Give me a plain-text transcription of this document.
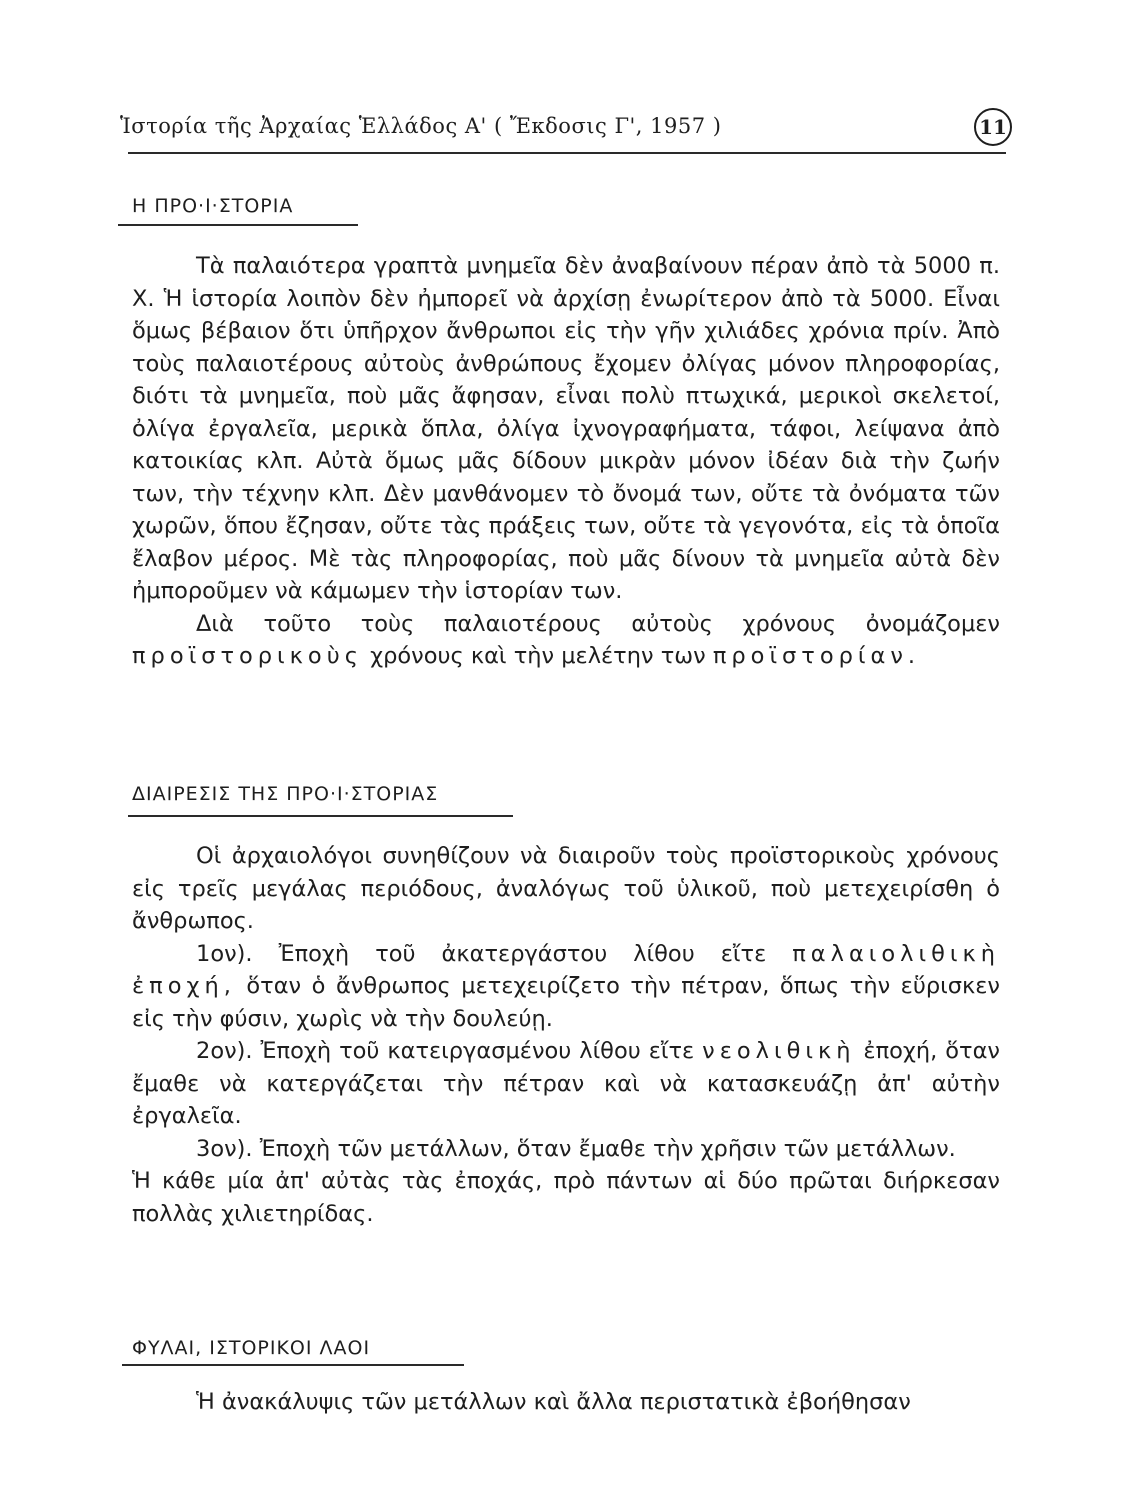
Ἱστορία τῆς Ἀρχαίας Ἑλλάδος Α' ( Ἔκδοσις Γ', 1957 )	11
Η ΠΡΟ·Ι·ΣΤΟΡΙΑ

Τὰ παλαιότερα γραπτὰ μνημεῖα δὲν ἀναβαίνουν πέραν ἀπὸ τὰ 5000 π. Χ. Ἡ ἱστορία λοιπὸν δὲν ἠμπορεῖ νὰ ἀρχίσῃ ἐνωρίτερον ἀπὸ τὰ 5000. Εἶναι ὅμως βέβαιον ὅτι ὑπῆρχον ἄνθρωποι εἰς τὴν γῆν χιλιάδες χρόνια πρίν. Ἀπὸ τοὺς παλαιοτέρους αὐτοὺς ἀνθρώπους ἔχομεν ὀλίγας μόνον πληροφορίας, διότι τὰ μνημεῖα, ποὺ μᾶς ἄφησαν, εἶναι πολὺ πτωχικά, μερικοὶ σκελετοί, ὀλίγα ἐργαλεῖα, μερικὰ ὅπλα, ὀλίγα ἰχνογραφήματα, τάφοι, λείψανα ἀπὸ κατοικίας κλπ. Αὐτὰ ὅμως μᾶς δίδουν μικρὰν μόνον ἰδέαν διὰ τὴν ζωήν των, τὴν τέχνην κλπ. Δὲν μανθάνομεν τὸ ὄνομά των, οὔτε τὰ ὀνόματα τῶν χωρῶν, ὅπου ἔζησαν, οὔτε τὰς πράξεις των, οὔτε τὰ γεγονότα, εἰς τὰ ὁποῖα ἔλαβον μέρος. Μὲ τὰς πληροφορίας, ποὺ μᾶς δίνουν τὰ μνημεῖα αὐτὰ δὲν ἠμποροῦμεν νὰ κάμωμεν τὴν ἱστορίαν των.

Διὰ τοῦτο τοὺς παλαιοτέρους αὐτοὺς χρόνους ὀνομάζομεν προϊστορικοὺς χρόνους καὶ τὴν μελέτην των προϊστορίαν.

ΔΙΑΙΡΕΣΙΣ ΤΗΣ ΠΡΟ·Ι·ΣΤΟΡΙΑΣ

Οἱ ἀρχαιολόγοι συνηθίζουν νὰ διαιροῦν τοὺς προϊστορικοὺς χρόνους εἰς τρεῖς μεγάλας περιόδους, ἀναλόγως τοῦ ὑλικοῦ, ποὺ μετεχειρίσθη ὁ ἄνθρωπος.

1ον). Ἐποχὴ τοῦ ἀκατεργάστου λίθου εἴτε παλαιολιθικὴ ἐποχή, ὅταν ὁ ἄνθρωπος μετεχειρίζετο τὴν πέτραν, ὅπως τὴν εὕρισκεν εἰς τὴν φύσιν, χωρὶς νὰ τὴν δουλεύῃ.

2ον). Ἐποχὴ τοῦ κατειργασμένου λίθου εἴτε νεολιθικὴ ἐποχή, ὅταν ἔμαθε νὰ κατεργάζεται τὴν πέτραν καὶ νὰ κατασκευάζῃ ἀπ' αὐτὴν ἐργαλεῖα.

3ον). Ἐποχὴ τῶν μετάλλων, ὅταν ἔμαθε τὴν χρῆσιν τῶν μετάλλων.

Ἡ κάθε μία ἀπ' αὐτὰς τὰς ἐποχάς, πρὸ πάντων αἱ δύο πρῶται διήρκεσαν πολλὰς χιλιετηρίδας.

ΦΥΛΑΙ, ΙΣΤΟΡΙΚΟΙ ΛΑΟΙ

Ἡ ἀνακάλυψις τῶν μετάλλων καὶ ἄλλα περιστατικὰ ἐβοήθησαν
